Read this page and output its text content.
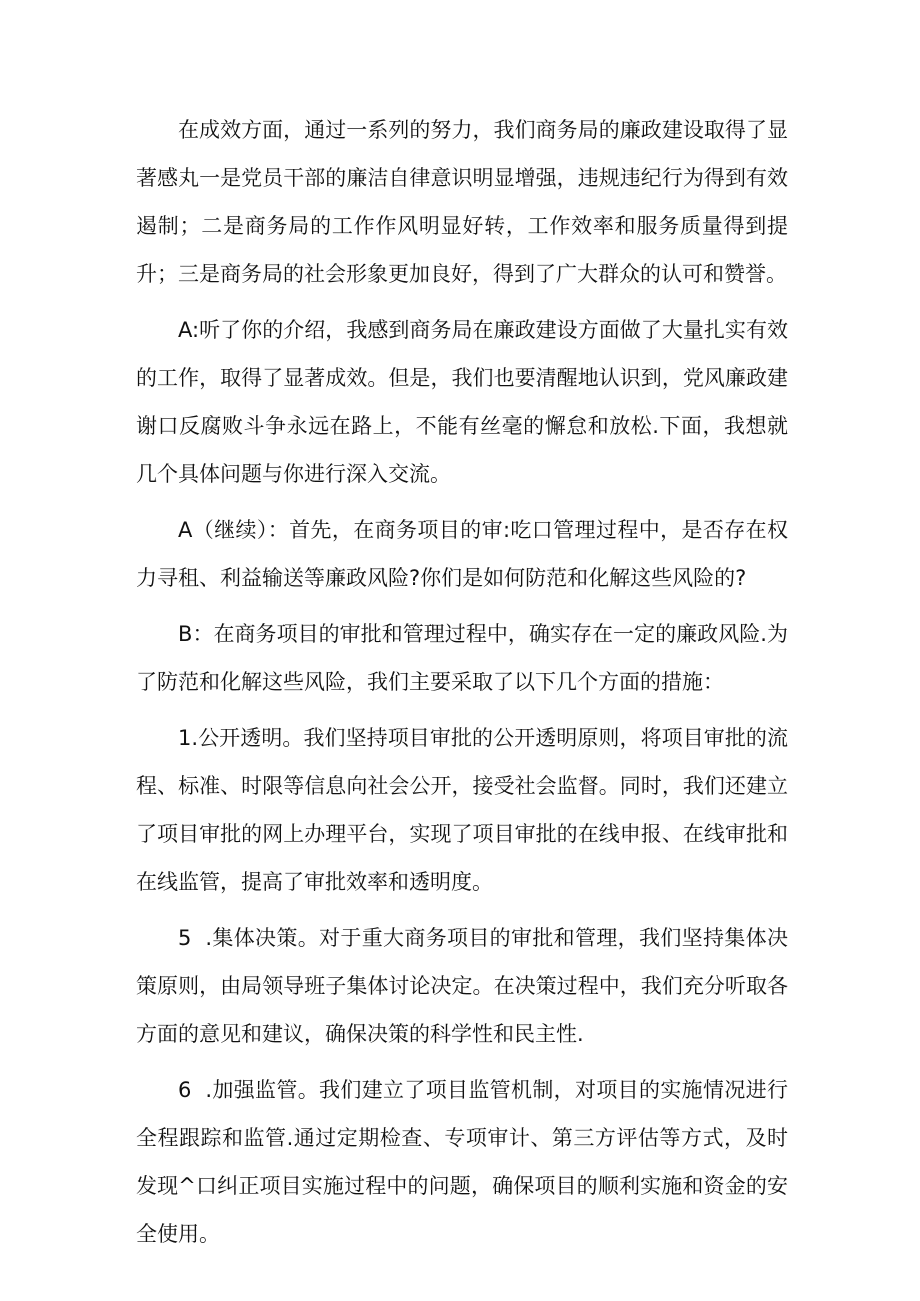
在成效方面，通过一系列的努力，我们商务局的廉政建设取得了显著感丸一是党员干部的廉洁自律意识明显增强，违规违纪行为得到有效遏制；二是商务局的工作作风明显好转，工作效率和服务质量得到提升；三是商务局的社会形象更加良好，得到了广大群众的认可和赞誉。

A:听了你的介绍，我感到商务局在廉政建设方面做了大量扎实有效的工作，取得了显著成效。但是，我们也要清醒地认识到，党风廉政建谢口反腐败斗争永远在路上，不能有丝毫的懈怠和放松.下面，我想就几个具体问题与你进行深入交流。

A（继续）：首先，在商务项目的审:吃口管理过程中，是否存在权力寻租、利益输送等廉政风险?你们是如何防范和化解这些风险的?

B：在商务项目的审批和管理过程中，确实存在一定的廉政风险.为了防范和化解这些风险，我们主要采取了以下几个方面的措施：

1.公开透明。我们坚持项目审批的公开透明原则，将项目审批的流程、标准、时限等信息向社会公开，接受社会监督。同时，我们还建立了项目审批的网上办理平台，实现了项目审批的在线申报、在线审批和在线监管，提高了审批效率和透明度。

5  .集体决策。对于重大商务项目的审批和管理，我们坚持集体决策原则，由局领导班子集体讨论决定。在决策过程中，我们充分听取各方面的意见和建议，确保决策的科学性和民主性.

6  .加强监管。我们建立了项目监管机制，对项目的实施情况进行全程跟踪和监管.通过定期检查、专项审计、第三方评估等方式，及时发现^口纠正项目实施过程中的问题，确保项目的顺利实施和资金的安全使用。
